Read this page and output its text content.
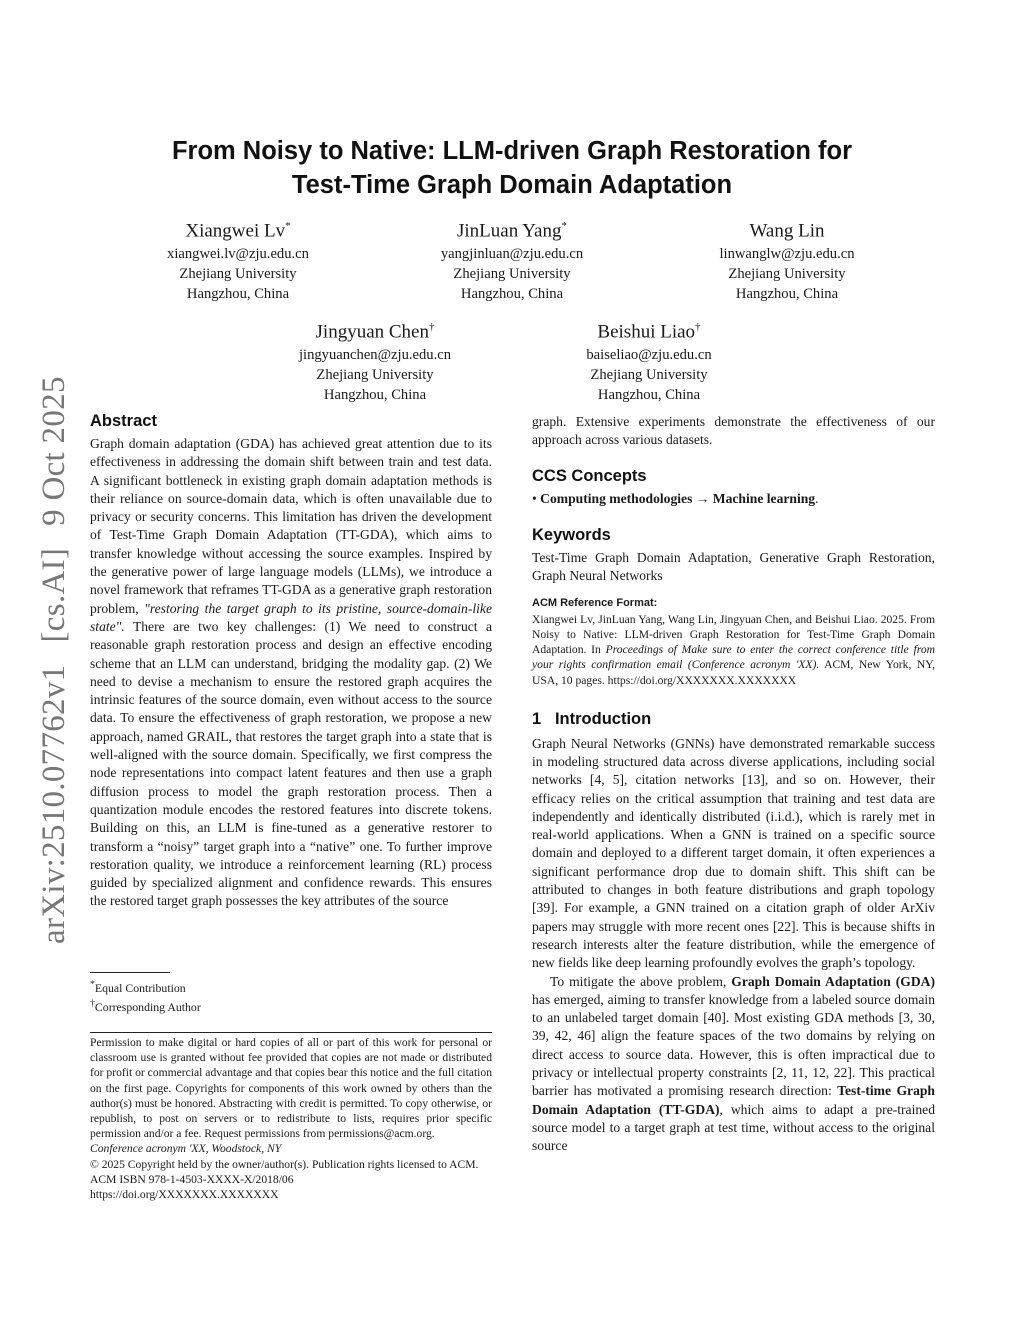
arXiv:2510.07762v1[cs.AI]9 Oct 2025
From Noisy to Native: LLM-driven Graph Restoration for
Test-Time Graph Domain Adaptation
Xiangwei Lv*
xiangwei.lv@zju.edu.cn
Zhejiang University
Hangzhou, China
JinLuan Yang*
yangjinluan@zju.edu.cn
Zhejiang University
Hangzhou, China
Wang Lin
linwanglw@zju.edu.cn
Zhejiang University
Hangzhou, China
Jingyuan Chen†
jingyuanchen@zju.edu.cn
Zhejiang University
Hangzhou, China
Beishui Liao†
baiseliao@zju.edu.cn
Zhejiang University
Hangzhou, China
Abstract

Graph domain adaptation (GDA) has achieved great attention due to its effectiveness in addressing the domain shift between train and test data. A significant bottleneck in existing graph domain adaptation methods is their reliance on source-domain data, which is often unavailable due to privacy or security concerns. This limitation has driven the development of Test-Time Graph Domain Adaptation (TT-GDA), which aims to transfer knowledge without accessing the source examples. Inspired by the generative power of large language models (LLMs), we introduce a novel framework that reframes TT-GDA as a generative graph restoration problem, "restoring the target graph to its pristine, source-domain-like state". There are two key challenges: (1) We need to construct a reasonable graph restoration process and design an effective encoding scheme that an LLM can understand, bridging the modality gap. (2) We need to devise a mechanism to ensure the restored graph acquires the intrinsic features of the source domain, even without access to the source data. To ensure the effectiveness of graph restoration, we propose a new approach, named GRAIL, that restores the target graph into a state that is well-aligned with the source domain. Specifically, we first compress the node representations into compact latent features and then use a graph diffusion process to model the graph restoration process. Then a quantization module encodes the restored features into discrete tokens. Building on this, an LLM is fine-tuned as a generative restorer to transform a “noisy” target graph into a “native” one. To further improve restoration quality, we introduce a reinforcement learning (RL) process guided by specialized alignment and confidence rewards. This ensures the restored target graph possesses the key attributes of the source

*Equal Contribution
†Corresponding Author

Permission to make digital or hard copies of all or part of this work for personal or classroom use is granted without fee provided that copies are not made or distributed for profit or commercial advantage and that copies bear this notice and the full citation on the first page. Copyrights for components of this work owned by others than the author(s) must be honored. Abstracting with credit is permitted. To copy otherwise, or republish, to post on servers or to redistribute to lists, requires prior specific permission and/or a fee. Request permissions from permissions@acm.org.

Conference acronym 'XX, Woodstock, NY

© 2025 Copyright held by the owner/author(s). Publication rights licensed to ACM.

ACM ISBN 978-1-4503-XXXX-X/2018/06

https://doi.org/XXXXXXX.XXXXXXX

graph. Extensive experiments demonstrate the effectiveness of our approach across various datasets.

CCS Concepts

• Computing methodologies → Machine learning.

Keywords

Test-Time Graph Domain Adaptation, Generative Graph Restoration, Graph Neural Networks

ACM Reference Format:

Xiangwei Lv, JinLuan Yang, Wang Lin, Jingyuan Chen, and Beishui Liao. 2025. From Noisy to Native: LLM-driven Graph Restoration for Test-Time Graph Domain Adaptation. In Proceedings of Make sure to enter the correct conference title from your rights confirmation email (Conference acronym 'XX). ACM, New York, NY, USA, 10 pages. https://doi.org/XXXXXXX.XXXXXXX

1 Introduction

Graph Neural Networks (GNNs) have demonstrated remarkable success in modeling structured data across diverse applications, including social networks [4, 5], citation networks [13], and so on. However, their efficacy relies on the critical assumption that training and test data are independently and identically distributed (i.i.d.), which is rarely met in real-world applications. When a GNN is trained on a specific source domain and deployed to a different target domain, it often experiences a significant performance drop due to domain shift. This shift can be attributed to changes in both feature distributions and graph topology [39]. For example, a GNN trained on a citation graph of older ArXiv papers may struggle with more recent ones [22]. This is because shifts in research interests alter the feature distribution, while the emergence of new fields like deep learning profoundly evolves the graph’s topology.

To mitigate the above problem, Graph Domain Adaptation (GDA) has emerged, aiming to transfer knowledge from a labeled source domain to an unlabeled target domain [40]. Most existing GDA methods [3, 30, 39, 42, 46] align the feature spaces of the two domains by relying on direct access to source data. However, this is often impractical due to privacy or intellectual property constraints [2, 11, 12, 22]. This practical barrier has motivated a promising research direction: Test-time Graph Domain Adaptation (TT-GDA), which aims to adapt a pre-trained source model to a target graph at test time, without access to the original source
